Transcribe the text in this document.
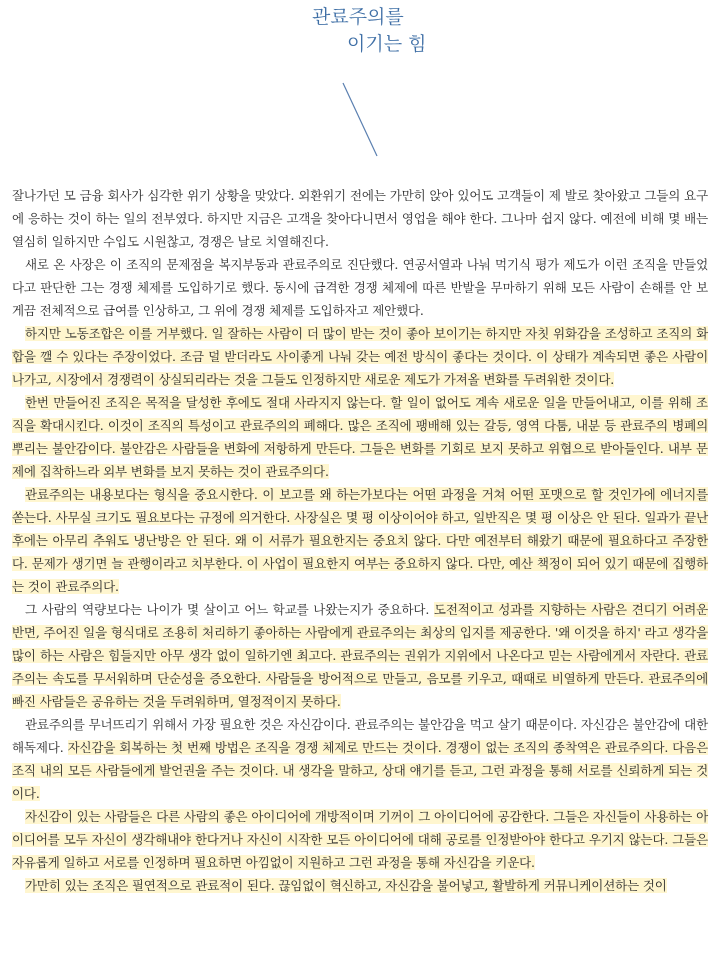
관료주의를
이기는 힘

잘나가던 모 금융 회사가 심각한 위기 상황을 맞았다. 외환위기 전에는 가만히 앉아 있어도 고객들이 제 발로 찾아왔고 그들의 요구에 응하는 것이 하는 일의 전부였다. 하지만 지금은 고객을 찾아다니면서 영업을 해야 한다. 그나마 쉽지 않다. 예전에 비해 몇 배는 열심히 일하지만 수입도 시원찮고, 경쟁은 날로 치열해진다.

새로 온 사장은 이 조직의 문제점을 복지부동과 관료주의로 진단했다. 연공서열과 나눠 먹기식 평가 제도가 이런 조직을 만들었다고 판단한 그는 경쟁 체제를 도입하기로 했다. 동시에 급격한 경쟁 체제에 따른 반발을 무마하기 위해 모든 사람이 손해를 안 보게끔 전체적으로 급여를 인상하고, 그 위에 경쟁 체제를 도입하자고 제안했다.

하지만 노동조합은 이를 거부했다. 일 잘하는 사람이 더 많이 받는 것이 좋아 보이기는 하지만 자칫 위화감을 조성하고 조직의 화합을 깰 수 있다는 주장이었다. 조금 덜 받더라도 사이좋게 나눠 갖는 예전 방식이 좋다는 것이다. 이 상태가 계속되면 좋은 사람이 나가고, 시장에서 경쟁력이 상실되리라는 것을 그들도 인정하지만 새로운 제도가 가져올 변화를 두려워한 것이다.

한번 만들어진 조직은 목적을 달성한 후에도 절대 사라지지 않는다. 할 일이 없어도 계속 새로운 일을 만들어내고, 이를 위해 조직을 확대시킨다. 이것이 조직의 특성이고 관료주의의 폐해다. 많은 조직에 팽배해 있는 갈등, 영역 다툼, 내분 등 관료주의 병폐의 뿌리는 불안감이다. 불안감은 사람들을 변화에 저항하게 만든다. 그들은 변화를 기회로 보지 못하고 위협으로 받아들인다. 내부 문제에 집착하느라 외부 변화를 보지 못하는 것이 관료주의다.

관료주의는 내용보다는 형식을 중요시한다. 이 보고를 왜 하는가보다는 어떤 과정을 거쳐 어떤 포맷으로 할 것인가에 에너지를 쏟는다. 사무실 크기도 필요보다는 규정에 의거한다. 사장실은 몇 평 이상이어야 하고, 일반직은 몇 평 이상은 안 된다. 일과가 끝난 후에는 아무리 추워도 냉난방은 안 된다. 왜 이 서류가 필요한지는 중요치 않다. 다만 예전부터 해왔기 때문에 필요하다고 주장한다. 문제가 생기면 늘 관행이라고 치부한다. 이 사업이 필요한지 여부는 중요하지 않다. 다만, 예산 책정이 되어 있기 때문에 집행하는 것이 관료주의다.

그 사람의 역량보다는 나이가 몇 살이고 어느 학교를 나왔는지가 중요하다. 도전적이고 성과를 지향하는 사람은 견디기 어려운 반면, 주어진 일을 형식대로 조용히 처리하기 좋아하는 사람에게 관료주의는 최상의 입지를 제공한다. '왜 이것을 하지' 라고 생각을 많이 하는 사람은 힘들지만 아무 생각 없이 일하기엔 최고다. 관료주의는 권위가 지위에서 나온다고 믿는 사람에게서 자란다. 관료주의는 속도를 무서워하며 단순성을 증오한다. 사람들을 방어적으로 만들고, 음모를 키우고, 때때로 비열하게 만든다. 관료주의에 빠진 사람들은 공유하는 것을 두려워하며, 열정적이지 못하다.

관료주의를 무너뜨리기 위해서 가장 필요한 것은 자신감이다. 관료주의는 불안감을 먹고 살기 때문이다. 자신감은 불안감에 대한 해독제다. 자신감을 회복하는 첫 번째 방법은 조직을 경쟁 체제로 만드는 것이다. 경쟁이 없는 조직의 종착역은 관료주의다. 다음은 조직 내의 모든 사람들에게 발언권을 주는 것이다. 내 생각을 말하고, 상대 얘기를 듣고, 그런 과정을 통해 서로를 신뢰하게 되는 것이다.

자신감이 있는 사람들은 다른 사람의 좋은 아이디어에 개방적이며 기꺼이 그 아이디어에 공감한다. 그들은 자신들이 사용하는 아이디어를 모두 자신이 생각해내야 한다거나 자신이 시작한 모든 아이디어에 대해 공로를 인정받아야 한다고 우기지 않는다. 그들은 자유롭게 일하고 서로를 인정하며 필요하면 아낌없이 지원하고 그런 과정을 통해 자신감을 키운다.

가만히 있는 조직은 필연적으로 관료적이 된다. 끊임없이 혁신하고, 자신감을 불어넣고, 활발하게 커뮤니케이션하는 것이
